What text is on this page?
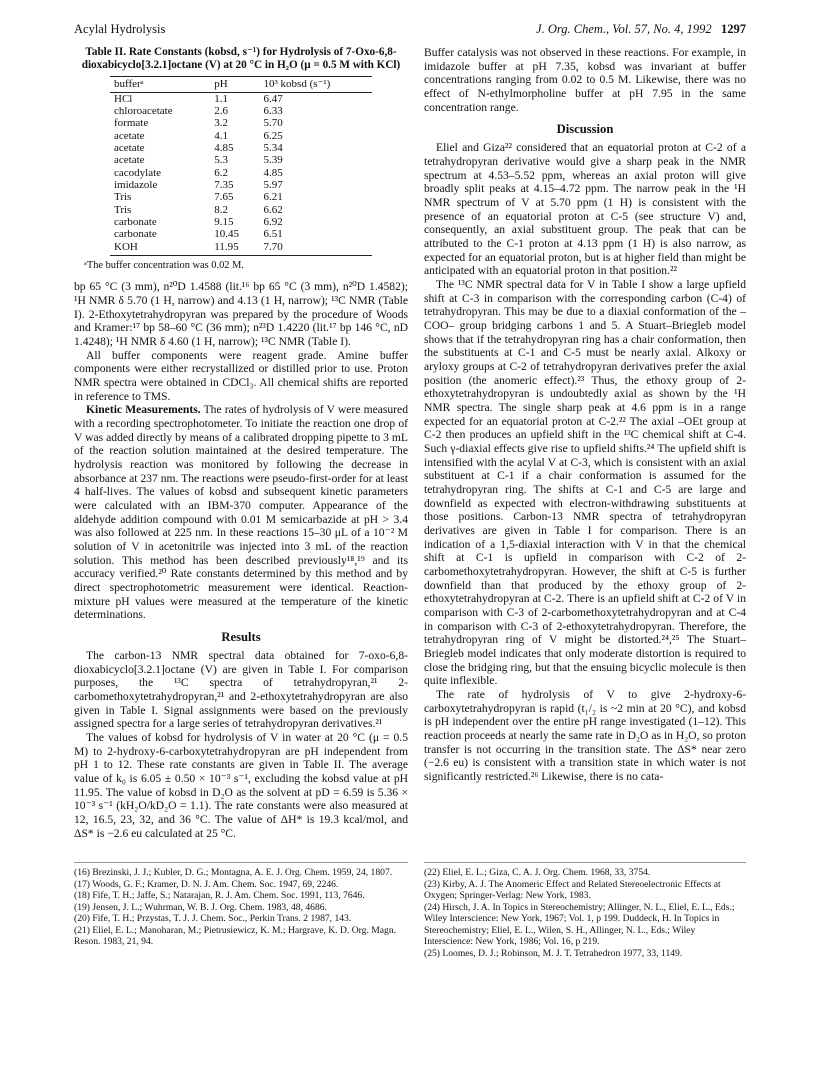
Acylal Hydrolysis	J. Org. Chem., Vol. 57, No. 4, 1992 1297
Table II. Rate Constants (kobsd, s⁻¹) for Hydrolysis of 7-Oxo-6,8-dioxabicyclo[3.2.1]octane (V) at 20 °C in H₂O (μ = 0.5 M with KCl)
bufferᵃ	pH	10³ kobsd (s⁻¹)
HCl	1.1	6.47
chloroacetate	2.6	6.33
formate	3.2	5.70
acetate	4.1	6.25
acetate	4.85	5.34
acetate	5.3	5.39
cacodylate	6.2	4.85
imidazole	7.35	5.97
Tris	7.65	6.21
Tris	8.2	6.62
carbonate	9.15	6.92
carbonate	10.45	6.51
KOH	11.95	7.70
ᵃThe buffer concentration was 0.02 M.

bp 65 °C (3 mm), n²⁰D 1.4588 (lit.¹⁶ bp 65 °C (3 mm), n²⁰D 1.4582); ¹H NMR δ 5.70 (1 H, narrow) and 4.13 (1 H, narrow); ¹³C NMR (Table I). 2-Ethoxytetrahydropyran was prepared by the procedure of Woods and Kramer:¹⁷ bp 58–60 °C (36 mm); n²³D 1.4220 (lit.¹⁷ bp 146 °C, nD 1.4248); ¹H NMR δ 4.60 (1 H, narrow); ¹³C NMR (Table I).

All buffer components were reagent grade. Amine buffer components were either recrystallized or distilled prior to use. Proton NMR spectra were obtained in CDCl₃. All chemical shifts are reported in reference to TMS.

Kinetic Measurements. The rates of hydrolysis of V were measured with a recording spectrophotometer. To initiate the reaction one drop of V was added directly by means of a calibrated dropping pipette to 3 mL of the reaction solution maintained at the desired temperature. The hydrolysis reaction was monitored by following the decrease in absorbance at 237 nm. The reactions were pseudo-first-order for at least 4 half-lives. The values of kobsd and subsequent kinetic parameters were calculated with an IBM-370 computer. Appearance of the aldehyde addition compound with 0.01 M semicarbazide at pH > 3.4 was also followed at 225 nm. In these reactions 15–30 μL of a 10⁻² M solution of V in acetonitrile was injected into 3 mL of the reaction solution. This method has been described previously¹⁸,¹⁹ and its accuracy verified.²⁰ Rate constants determined by this method and by direct spectrophotometric measurement were identical. Reaction-mixture pH values were measured at the temperature of the kinetic determinations.

Results

The carbon-13 NMR spectral data obtained for 7-oxo-6,8-dioxabicyclo[3.2.1]octane (V) are given in Table I. For comparison purposes, the ¹³C spectra of tetrahydropyran,²¹ 2-carbomethoxytetrahydropyran,²¹ and 2-ethoxytetrahydropyran are also given in Table I. Signal assignments were based on the previously assigned spectra for a large series of tetrahydropyran derivatives.²¹

The values of kobsd for hydrolysis of V in water at 20 °C (μ = 0.5 M) to 2-hydroxy-6-carboxytetrahydropyran are pH independent from pH 1 to 12. These rate constants are given in Table II. The average value of k₀ is 6.05 ± 0.50 × 10⁻³ s⁻¹, excluding the kobsd value at pH 11.95. The value of kobsd in D₂O as the solvent at pD = 6.59 is 5.36 × 10⁻³ s⁻¹ (kH₂O/kD₂O = 1.1). The rate constants were also measured at 12, 16.5, 23, 32, and 36 °C. The value of ΔH* is 19.3 kcal/mol, and ΔS* is −2.6 eu calculated at 25 °C.

Buffer catalysis was not observed in these reactions. For example, in imidazole buffer at pH 7.35, kobsd was invariant at buffer concentrations ranging from 0.02 to 0.5 M. Likewise, there was no effect of N-ethylmorpholine buffer at pH 7.95 in the same concentration range.

Discussion

Eliel and Giza²² considered that an equatorial proton at C-2 of a tetrahydropyran derivative would give a sharp peak in the NMR spectrum at 4.53–5.52 ppm, whereas an axial proton will give broadly split peaks at 4.15–4.72 ppm. The narrow peak in the ¹H NMR spectrum of V at 5.70 ppm (1 H) is consistent with the presence of an equatorial proton at C-5 (see structure V) and, consequently, an axial substituent group. The peak that can be attributed to the C-1 proton at 4.13 ppm (1 H) is also narrow, as expected for an equatorial proton, but is at higher field than might be anticipated with an equatorial proton in that position.²²

The ¹³C NMR spectral data for V in Table I show a large upfield shift at C-3 in comparison with the corresponding carbon (C-4) of tetrahydropyran. This may be due to a diaxial conformation of the –COO– group bridging carbons 1 and 5. A Stuart–Briegleb model shows that if the tetrahydropyran ring has a chair conformation, then the substituents at C-1 and C-5 must be nearly axial. Alkoxy or aryloxy groups at C-2 of tetrahydropyran derivatives prefer the axial position (the anomeric effect).²³ Thus, the ethoxy group of 2-ethoxytetrahydropyran is undoubtedly axial as shown by the ¹H NMR spectra. The single sharp peak at 4.6 ppm is in a range expected for an equatorial proton at C-2.²² The axial –OEt group at C-2 then produces an upfield shift in the ¹³C chemical shift at C-4. Such γ-diaxial effects give rise to upfield shifts.²⁴ The upfield shift is intensified with the acylal V at C-3, which is consistent with an axial substituent at C-1 if a chair conformation is assumed for the tetrahydropyran ring. The shifts at C-1 and C-5 are large and downfield as expected with electron-withdrawing substituents at those positions. Carbon-13 NMR spectra of tetrahydropyran derivatives are given in Table I for comparison. There is an indication of a 1,5-diaxial interaction with V in that the chemical shift at C-1 is upfield in comparison with C-2 of 2-carbomethoxytetrahydropyran. However, the shift at C-5 is further downfield than that produced by the ethoxy group of 2-ethoxytetrahydropyran at C-2. There is an upfield shift at C-2 of V in comparison with C-3 of 2-carbomethoxytetrahydropyran and at C-4 in comparison with C-3 of 2-ethoxytetrahydropyran. Therefore, the tetrahydropyran ring of V might be distorted.²⁴,²⁵ The Stuart–Briegleb model indicates that only moderate distortion is required to close the bridging ring, but that the ensuing bicyclic molecule is then quite inflexible.

The rate of hydrolysis of V to give 2-hydroxy-6-carboxytetrahydropyran is rapid (t₁/₂ is ~2 min at 20 °C), and kobsd is pH independent over the entire pH range investigated (1–12). This reaction proceeds at nearly the same rate in D₂O as in H₂O, so proton transfer is not occurring in the transition state. The ΔS* near zero (−2.6 eu) is consistent with a transition state in which water is not significantly restricted.²⁶ Likewise, there is no cata-

(16) Brezinski, J. J.; Kubler, D. G.; Montagna, A. E. J. Org. Chem. 1959, 24, 1807.
(17) Woods, G. F.; Kramer, D. N. J. Am. Chem. Soc. 1947, 69, 2246.
(18) Fife, T. H.; Jaffe, S.; Natarajan, R. J. Am. Chem. Soc. 1991, 113, 7646.
(19) Jensen, J. L.; Wuhrman, W. B. J. Org. Chem. 1983, 48, 4686.
(20) Fife, T. H.; Przystas, T. J. J. Chem. Soc., Perkin Trans. 2 1987, 143.
(21) Eliel, E. L.; Manoharan, M.; Pietrusiewicz, K. M.; Hargrave, K. D. Org. Magn. Reson. 1983, 21, 94.
(22) Eliel, E. L.; Giza, C. A. J. Org. Chem. 1968, 33, 3754.
(23) Kirby, A. J. The Anomeric Effect and Related Stereoelectronic Effects at Oxygen; Springer-Verlag: New York, 1983.
(24) Hirsch, J. A. In Topics in Stereochemistry; Allinger, N. L., Eliel, E. L., Eds.; Wiley Interscience: New York, 1967; Vol. 1, p 199. Duddeck, H. In Topics in Stereochemistry; Eliel, E. L., Wilen, S. H., Allinger, N. L., Eds.; Wiley Interscience: New York, 1986; Vol. 16, p 219.
(25) Loomes, D. J.; Robinson, M. J. T. Tetrahedron 1977, 33, 1149.
